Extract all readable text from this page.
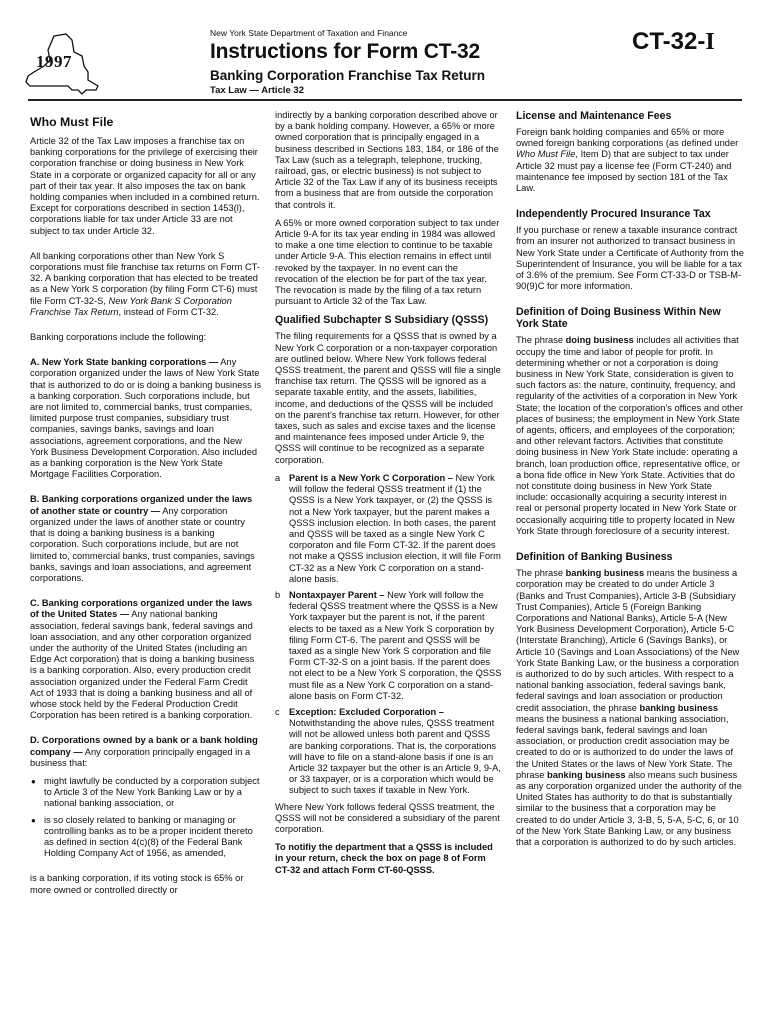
1997
New York State Department of Taxation and Finance
Instructions for Form CT-32
Banking Corporation Franchise Tax Return
Tax Law — Article 32
CT-32-I
Who Must File

Article 32 of the Tax Law imposes a franchise tax on banking corporations for the privilege of exercising their corporation franchise or doing business in New York State in a corporate or organized capacity for all or any part of their tax year. It also imposes the tax on bank holding companies when included in a combined return. Except for corporations described in section 1453(l), corporations liable for tax under Article 33 are not subject to tax under Article 32.

All banking corporations other than New York S corporations must file franchise tax returns on Form CT-32. A banking corporation that has elected to be treated as a New York S corporation (by filing Form CT-6) must file Form CT-32-S, New York Bank S Corporation Franchise Tax Return, instead of Form CT-32.

Banking corporations include the following:

A. New York State banking corporations — Any corporation organized under the laws of New York State that is authorized to do or is doing a banking business is a banking corporation. Such corporations include, but are not limited to, commercial banks, trust companies, limited purpose trust companies, subsidiary trust companies, savings banks, savings and loan associations, agreement corporations, and the New York Business Development Corporation. Also included as a banking corporation is the New York State Mortgage Facilities Corporation.

B. Banking corporations organized under the laws of another state or country — Any corporation organized under the laws of another state or country that is doing a banking business is a banking corporation. Such corporations include, but are not limited to, commercial banks, trust companies, savings banks, savings and loan associations, and agreement corporations.

C. Banking corporations organized under the laws of the United States — Any national banking association, federal savings bank, federal savings and loan association, and any other corporation organized under the authority of the United States (including an Edge Act corporation) that is doing a banking business is a banking corporation. Also, every production credit association organized under the Federal Farm Credit Act of 1933 that is doing a banking business and all of whose stock held by the Federal Production Credit Corporation has been retired is a banking corporation.

D. Corporations owned by a bank or a bank holding company — Any corporation principally engaged in a business that:

● might lawfully be conducted by a corporation subject to Article 3 of the New York Banking Law or by a national banking association, or
● is so closely related to banking or managing or controlling banks as to be a proper incident thereto as defined in section 4(c)(8) of the Federal Bank Holding Company Act of 1956, as amended,

is a banking corporation, if its voting stock is 65% or more owned or controlled directly or

indirectly by a banking corporation described above or by a bank holding company. However, a 65% or more owned corporation that is principally engaged in a business described in Sections 183, 184, or 186 of the Tax Law (such as a telegraph, telephone, trucking, railroad, gas, or electric business) is not subject to Article 32 of the Tax Law if any of its business receipts from a business that are from outside the corporation that controls it.

A 65% or more owned corporation subject to tax under Article 9-A for its tax year ending in 1984 was allowed to make a one time election to continue to be taxable under Article 9-A. This election remains in effect until revoked by the taxpayer. In no event can the revocation of the election be for part of the tax year. The revocation is made by the filing of a tax return pursuant to Article 32 of the Tax Law.

Qualified Subchapter S Subsidiary (QSSS)

The filing requirements for a QSSS that is owned by a New York C corporation or a non-taxpayer corporation are outlined below. Where New York follows federal QSSS treatment, the parent and QSSS will file a single franchise tax return. The QSSS will be ignored as a separate taxable entity, and the assets, liabilities, income, and deductions of the QSSS will be included on the parent’s franchise tax return. However, for other taxes, such as sales and excise taxes and the license and maintenance fees imposed under Article 9, the QSSS will continue to be recognized as a separate corporation.

a Parent is a New York C Corporation – New York will follow the federal QSSS treatment if (1) the QSSS is a New York taxpayer, or (2) the QSSS is not a New York taxpayer, but the parent makes a QSSS inclusion election. In both cases, the parent and QSSS will be taxed as a single New York C corporaton and file Form CT-32. If the parent does not make a QSSS inclusion election, it will file Form CT-32 as a New York C corporation on a stand-alone basis.
b Nontaxpayer Parent – New York will follow the federal QSSS treatment where the QSSS is a New York taxpayer but the parent is not, if the parent elects to be taxed as a New York S corporation by filing Form CT-6. The parent and QSSS will be taxed as a single New York S corporation and file Form CT-32-S on a joint basis. If the parent does not elect to be a New York S corporation, the QSSS must file as a New York C corporation on a stand-alone basis on Form CT-32.
c Exception: Excluded Corporation – Notwithstanding the above rules, QSSS treatment will not be allowed unless both parent and QSSS are banking corporations. That is, the corporations will have to file on a stand-alone basis if one is an Article 32 taxpayer but the other is an Article 9, 9-A, or 33 taxpayer, or is a corporation which would be subject to such taxes if taxable in New York.

Where New York follows federal QSSS treatment, the QSSS will not be considered a subsidiary of the parent corporation.

To notifiy the department that a QSSS is included in your return, check the box on page 8 of Form CT-32 and attach Form CT-60-QSSS.

License and Maintenance Fees

Foreign bank holding companies and 65% or more owned foreign banking corporations (as defined under Who Must File, Item D) that are subject to tax under Article 32 must pay a license fee (Form CT-240) and maintenance fee imposed by section 181 of the Tax Law.

Independently Procured Insurance Tax

If you purchase or renew a taxable insurance contract from an insurer not authorized to transact business in New York State under a Certificate of Authority from the Superintendent of Insurance, you will be liable for a tax of 3.6% of the premium. See Form CT-33-D or TSB-M-90(9)C for more information.

Definition of Doing Business Within New York State

The phrase doing business includes all activities that occupy the time and labor of people for profit. In determining whether or not a corporation is doing business in New York State, consideration is given to such factors as: the nature, continuity, frequency, and regularity of the activities of a corporation in New York State; the location of the corporation’s offices and other places of business; the employment in New York State of agents, officers, and employees of the corporation; and other relevant factors. Activities that constitute doing business in New York State include: operating a branch, loan production office, representative office, or a bona fide office in New York State. Activities that do not constitute doing business in New York State include: occasionally acquiring a security interest in real or personal property located in New York State or occasionally acquiring title to property located in New York State through foreclosure of a security interest.

Definition of Banking Business

The phrase banking business means the business a corporation may be created to do under Article 3 (Banks and Trust Companies), Article 3-B (Subsidiary Trust Companies), Article 5 (Foreign Banking Corporations and National Banks), Article 5-A (New York Business Development Corporation), Article 5-C (Interstate Branching), Article 6 (Savings Banks), or Article 10 (Savings and Loan Associations) of the New York State Banking Law, or the business a corporation is authorized to do by such articles. With respect to a national banking association, federal savings bank, federal savings and loan association or production credit association, the phrase banking business means the business a national banking association, federal savings bank, federal savings and loan association, or production credit association may be created to do or is authorized to do under the laws of the United States or the laws of New York State. The phrase banking business also means such business as any corporation organized under the authority of the United States has authority to do that is substantially similar to the business that a corporation may be created to do under Article 3, 3-B, 5, 5-A, 5-C, 6, or 10 of the New York State Banking Law, or any business that a corporation is authorized to do by such articles.
